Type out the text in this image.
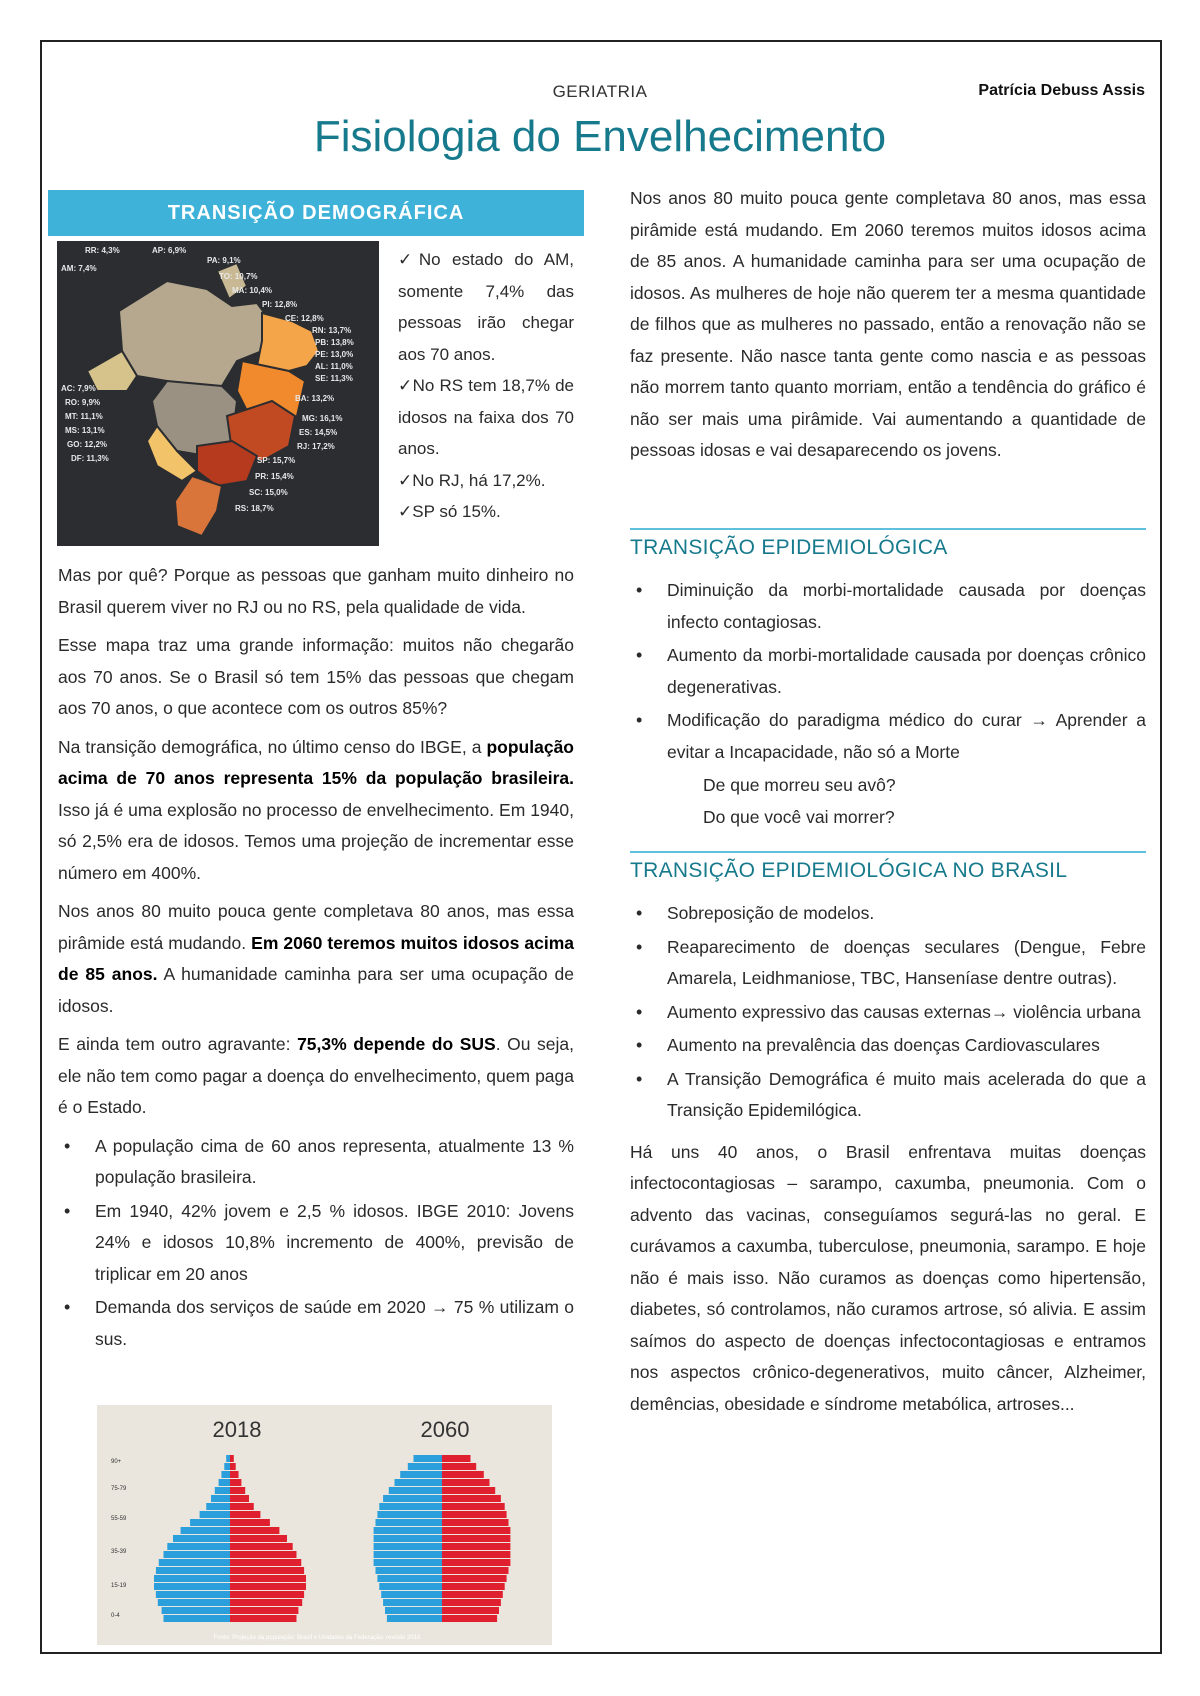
GERIATRIA	Patrícia Debuss Assis
Fisiologia do Envelhecimento
TRANSIÇÃO DEMOGRÁFICA
RR: 4,3%	AP: 6,9%
AM: 7,4%
PA: 9,1%
TO: 10,7%
MA: 10,4%
PI: 12,8%
CE: 12,8%
RN: 13,7%
PB: 13,8%
PE: 13,0%
AL: 11,0%
SE: 11,3%
BA: 13,2%
AC: 7,9%
RO: 9,9%
MT: 11,1%
MS: 13,1%
GO: 12,2%
DF: 11,3%
MG: 16,1%
ES: 14,5%
RJ: 17,2%
SP: 15,7%
PR: 15,4%
SC: 15,0%
RS: 18,7%
✓No estado do AM, somente 7,4% das pessoas irão chegar aos 70 anos.
✓No RS tem 18,7% de idosos na faixa dos 70 anos.
✓No RJ, há 17,2%.
✓SP só 15%.

Mas por quê? Porque as pessoas que ganham muito dinheiro no Brasil querem viver no RJ ou no RS, pela qualidade de vida.

Esse mapa traz uma grande informação: muitos não chegarão aos 70 anos. Se o Brasil só tem 15% das pessoas que chegam aos 70 anos, o que acontece com os outros 85%?

Na transição demográfica, no último censo do IBGE, a população acima de 70 anos representa 15% da população brasileira. Isso já é uma explosão no processo de envelhecimento. Em 1940, só 2,5% era de idosos. Temos uma projeção de incrementar esse número em 400%.

Nos anos 80 muito pouca gente completava 80 anos, mas essa pirâmide está mudando. Em 2060 teremos muitos idosos acima de 85 anos. A humanidade caminha para ser uma ocupação de idosos.

E ainda tem outro agravante: 75,3% depende do SUS. Ou seja, ele não tem como pagar a doença do envelhecimento, quem paga é o Estado.

• A população cima de 60 anos representa, atualmente 13 % população brasileira.
• Em 1940, 42% jovem e 2,5 % idosos. IBGE 2010: Jovens 24% e idosos 10,8% incremento de 400%, previsão de triplicar em 20 anos
• Demanda dos serviços de saúde em 2020 → 75 % utilizam o sus.
2018	2060
90+
75-79
55-59
35-39
15-19
0-4
Fonte: Projeção da população: Brasil e Unidades da Federação: revisão 2018

Nos anos 80 muito pouca gente completava 80 anos, mas essa pirâmide está mudando. Em 2060 teremos muitos idosos acima de 85 anos. A humanidade caminha para ser uma ocupação de idosos. As mulheres de hoje não querem ter a mesma quantidade de filhos que as mulheres no passado, então a renovação não se faz presente. Não nasce tanta gente como nascia e as pessoas não morrem tanto quanto morriam, então a tendência do gráfico é não ser mais uma pirâmide. Vai aumentando a quantidade de pessoas idosas e vai desaparecendo os jovens.

TRANSIÇÃO EPIDEMIOLÓGICA
• Diminuição da morbi-mortalidade causada por doenças infecto contagiosas.
• Aumento da morbi-mortalidade causada por doenças crônico degenerativas.
• Modificação do paradigma médico do curar → Aprender a evitar a Incapacidade, não só a Morte
De que morreu seu avô?
Do que você vai morrer?
TRANSIÇÃO EPIDEMIOLÓGICA NO BRASIL
• Sobreposição de modelos.
• Reaparecimento de doenças seculares (Dengue, Febre Amarela, Leidhmaniose, TBC, Hanseníase dentre outras).
• Aumento expressivo das causas externas→ violência urbana
• Aumento na prevalência das doenças Cardiovasculares
• A Transição Demográfica é muito mais acelerada do que a Transição Epidemilógica.

Há uns 40 anos, o Brasil enfrentava muitas doenças infectocontagiosas – sarampo, caxumba, pneumonia. Com o advento das vacinas, conseguíamos segurá-las no geral. E curávamos a caxumba, tuberculose, pneumonia, sarampo. E hoje não é mais isso. Não curamos as doenças como hipertensão, diabetes, só controlamos, não curamos artrose, só alivia. E assim saímos do aspecto de doenças infectocontagiosas e entramos nos aspectos crônico-degenerativos, muito câncer, Alzheimer, demências, obesidade e síndrome metabólica, artroses...
